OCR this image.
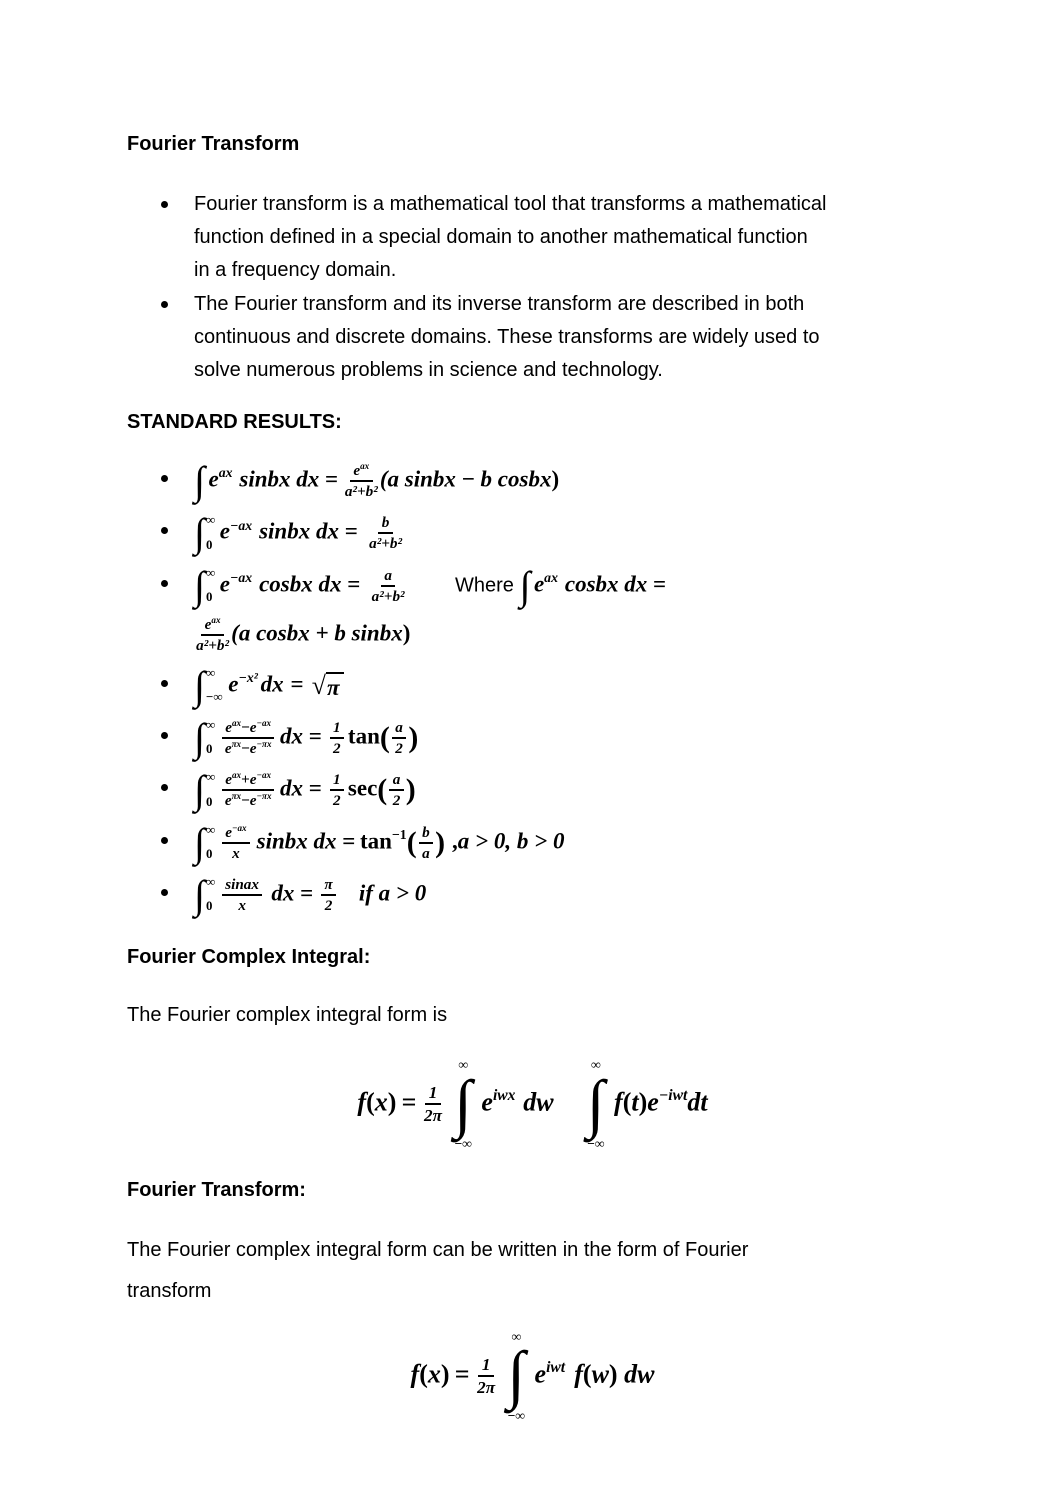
Fourier Transform
Fourier transform is a mathematical tool that transforms a mathematical
function defined in a special domain to another mathematical function
in a frequency domain.
The Fourier transform and its inverse transform are described in both
continuous and discrete domains. These transforms are widely used to
solve numerous problems in science and technology.
STANDARD RESULTS:
∫ eax sinbx dx = $\frac{\text{eax}}{\text{a²+b²}} (a$ sinbx − b cosbx)
∫ ∞
0
e−ax sinbx dx = $\frac{b}{\text{a²+b²}}$
∫ ∞
0
e−ax cosbx dx = $\frac{a}{\text{a²+b²}}$	Where ∫ eax cosbx dx =
$\frac{\text{eax}}{\text{a²+b²}} (a$ cosbx + b sinbx)
∫ ∞
−∞
e−x² dx = √ π
∫ ∞
$0 \frac{\text{eax−e−ax}}{\text{eπx−e−πx}}$ dx = $\frac{1}{2} \tan( \frac{a}{2}$ )
∫ ∞
$0 \frac{\text{eax+e−ax}}{\text{eπx−e−πx}}$ dx = $\frac{1}{2} \sec( \frac{a}{2}$ )
∫ ∞
$0 \frac{e-ax}{x}$ sinbx dx = $\tan-1( \frac{b}{a}$ ) ,a > 0, b > 0
∫ ∞
$0 \frac{\text{sinax}}{x}$ dx = $\frac{\pi}{2}$ if a > 0
Fourier Complex Integral:

The Fourier complex integral form is

$f(x) = \frac{1}{2\pi}$
∞
∫
−∞
eiwx dw
∞
∫
−∞
f(t)e−iwtdt
Fourier Transform:

The Fourier complex integral form can be written in the form of Fourier
transform

$f(x) = \frac{1}{2\pi}$
∞
∫
−∞
eiwt f(w) dw
